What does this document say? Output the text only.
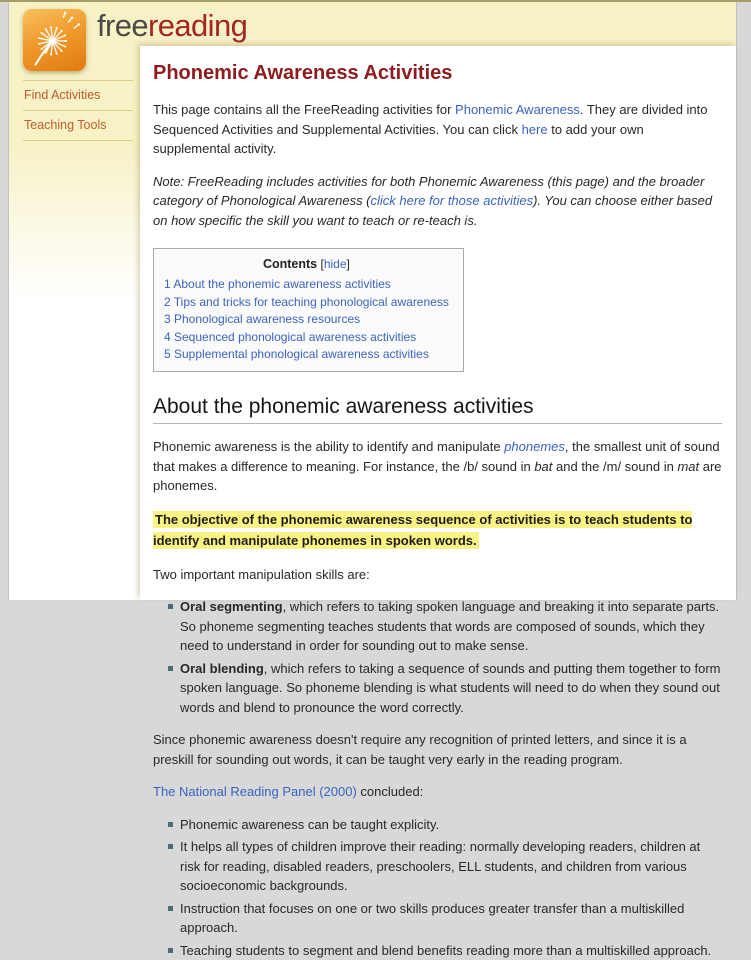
freereading
Find Activities
Teaching Tools
Phonemic Awareness Activities

This page contains all the FreeReading activities for Phonemic Awareness. They are divided into Sequenced Activities and Supplemental Activities. You can click here to add your own supplemental activity.

Note: FreeReading includes activities for both Phonemic Awareness (this page) and the broader category of Phonological Awareness (click here for those activities). You can choose either based on how specific the skill you want to teach or re-teach is.

Contents [hide]
1 About the phonemic awareness activities
2 Tips and tricks for teaching phonological awareness
3 Phonological awareness resources
4 Sequenced phonological awareness activities
5 Supplemental phonological awareness activities
About the phonemic awareness activities

Phonemic awareness is the ability to identify and manipulate phonemes, the smallest unit of sound that makes a difference to meaning. For instance, the /b/ sound in bat and the /m/ sound in mat are phonemes.

The objective of the phonemic awareness sequence of activities is to teach students to identify and manipulate phonemes in spoken words.

Two important manipulation skills are:

Oral segmenting, which refers to taking spoken language and breaking it into separate parts. So phoneme segmenting teaches students that words are composed of sounds, which they need to understand in order for sounding out to make sense.
Oral blending, which refers to taking a sequence of sounds and putting them together to form spoken language. So phoneme blending is what students will need to do when they sound out words and blend to pronounce the word correctly.

Since phonemic awareness doesn't require any recognition of printed letters, and since it is a preskill for sounding out words, it can be taught very early in the reading program.

The National Reading Panel (2000) concluded:

Phonemic awareness can be taught explicity.
It helps all types of children improve their reading: normally developing readers, children at risk for reading, disabled readers, preschoolers, ELL students, and children from various socioeconomic backgrounds.
Instruction that focuses on one or two skills produces greater transfer than a multiskilled approach.
Teaching students to segment and blend benefits reading more than a multiskilled approach.
